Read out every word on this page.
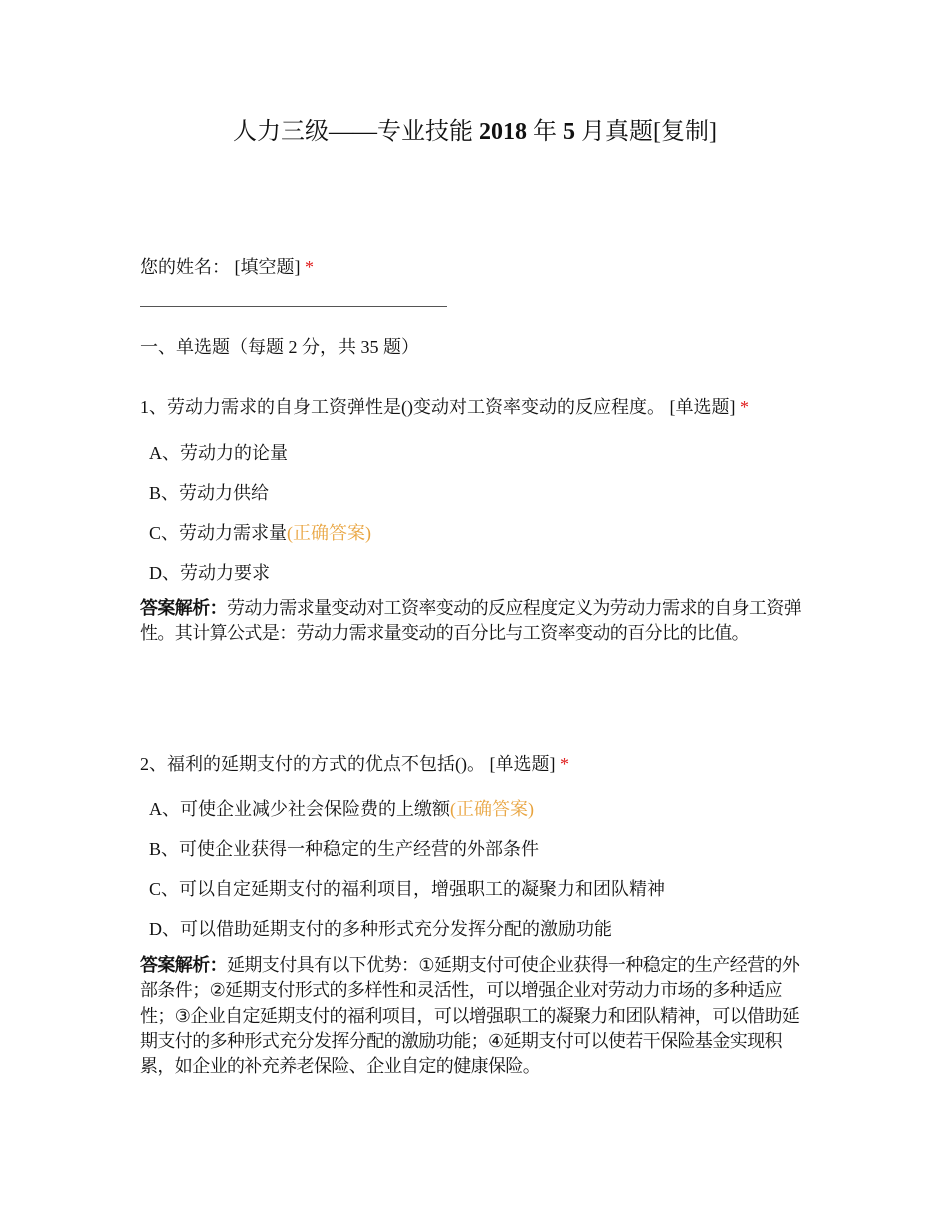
人力三级——专业技能 2018 年 5 月真题[复制]
您的姓名： [填空题] *
一、单选题（每题 2 分，共 35 题）
1、劳动力需求的自身工资弹性是()变动对工资率变动的反应程度。 [单选题] *
A、劳动力的论量
B、劳动力供给
C、劳动力需求量(正确答案)
D、劳动力要求
答案解析：劳动力需求量变动对工资率变动的反应程度定义为劳动力需求的自身工资弹性。其计算公式是：劳动力需求量变动的百分比与工资率变动的百分比的比值。
2、福利的延期支付的方式的优点不包括()。 [单选题] *
A、可使企业减少社会保险费的上缴额(正确答案)
B、可使企业获得一种稳定的生产经营的外部条件
C、可以自定延期支付的福利项目，增强职工的凝聚力和团队精神
D、可以借助延期支付的多种形式充分发挥分配的激励功能
答案解析：延期支付具有以下优势：①延期支付可使企业获得一种稳定的生产经营的外部条件；②延期支付形式的多样性和灵活性，可以增强企业对劳动力市场的多种适应性；③企业自定延期支付的福利项目，可以增强职工的凝聚力和团队精神，可以借助延期支付的多种形式充分发挥分配的激励功能；④延期支付可以使若干保险基金实现积累，如企业的补充养老保险、企业自定的健康保险。
